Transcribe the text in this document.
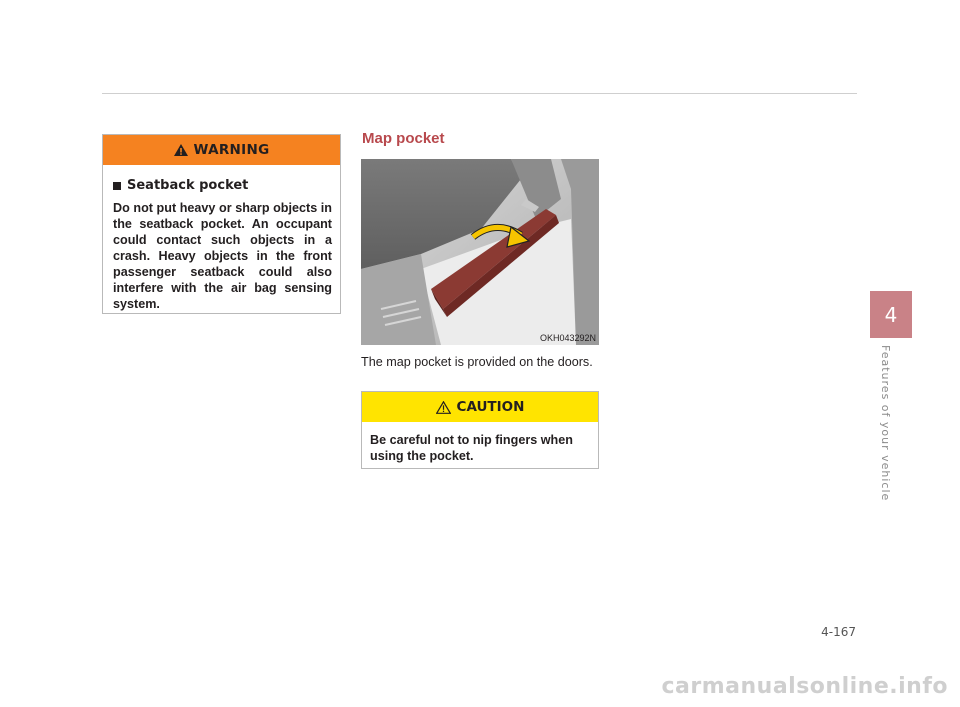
WARNING
Seatback pocket
Do not put heavy or sharp objects in the seatback pocket. An occupant could contact such objects in a crash. Heavy objects in the front passenger seatback could also interfere with the air bag sensing system.
Map pocket
OKH043292N
The map pocket is provided on the doors.
CAUTION
Be careful not to nip fingers when using the pocket.
4
Features of your vehicle
4-167
carmanualsonline.info
